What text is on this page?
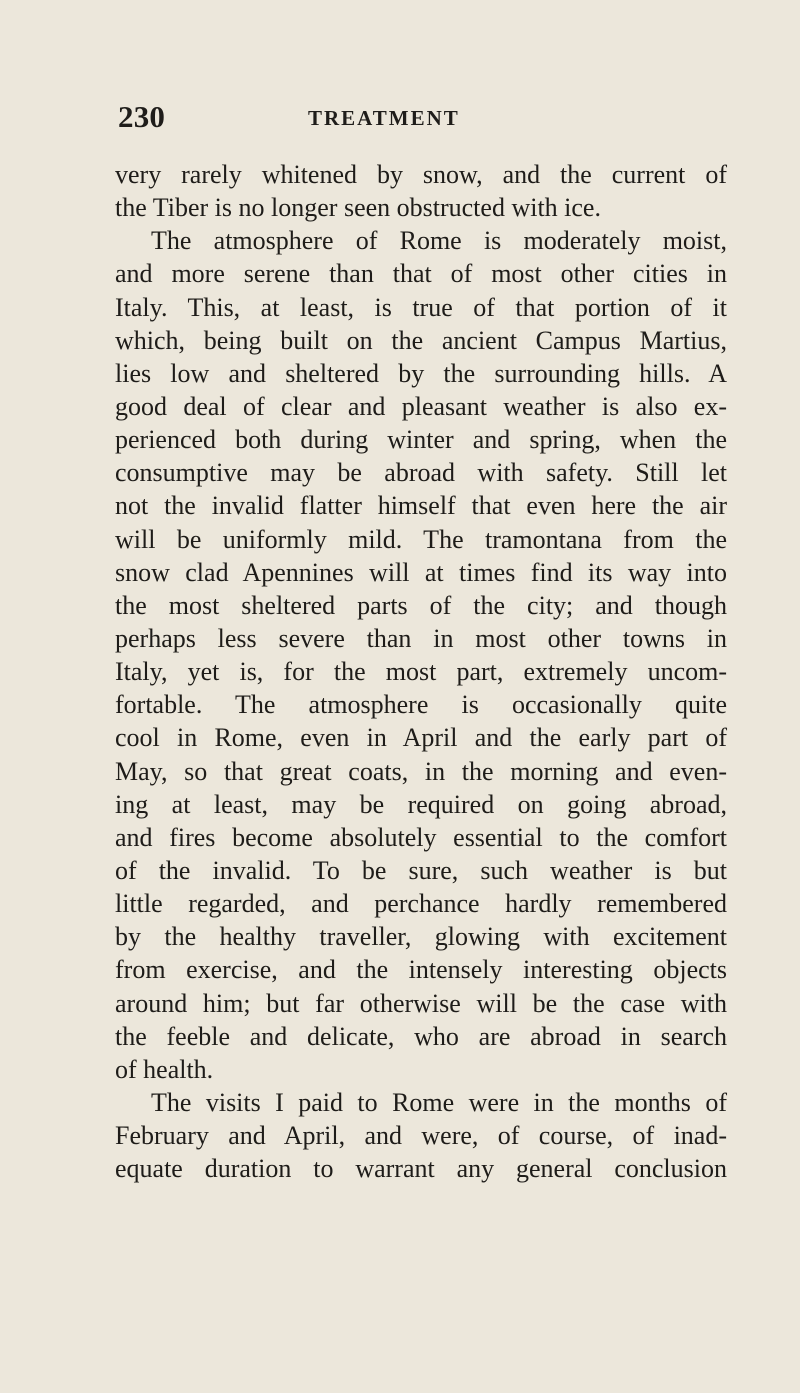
230	TREATMENT
very rarely whitened by snow, and the current of
the Tiber is no longer seen obstructed with ice.
The atmosphere of Rome is moderately moist,
and more serene than that of most other cities in
Italy. This, at least, is true of that portion of it
which, being built on the ancient Campus Martius,
lies low and sheltered by the surrounding hills. A
good deal of clear and pleasant weather is also ex-
perienced both during winter and spring, when the
consumptive may be abroad with safety. Still let
not the invalid flatter himself that even here the air
will be uniformly mild. The tramontana from the
snow clad Apennines will at times find its way into
the most sheltered parts of the city; and though
perhaps less severe than in most other towns in
Italy, yet is, for the most part, extremely uncom-
fortable. The atmosphere is occasionally quite
cool in Rome, even in April and the early part of
May, so that great coats, in the morning and even-
ing at least, may be required on going abroad,
and fires become absolutely essential to the comfort
of the invalid. To be sure, such weather is but
little regarded, and perchance hardly remembered
by the healthy traveller, glowing with excitement
from exercise, and the intensely interesting objects
around him; but far otherwise will be the case with
the feeble and delicate, who are abroad in search
of health.
The visits I paid to Rome were in the months of
February and April, and were, of course, of inad-
equate duration to warrant any general conclusion
